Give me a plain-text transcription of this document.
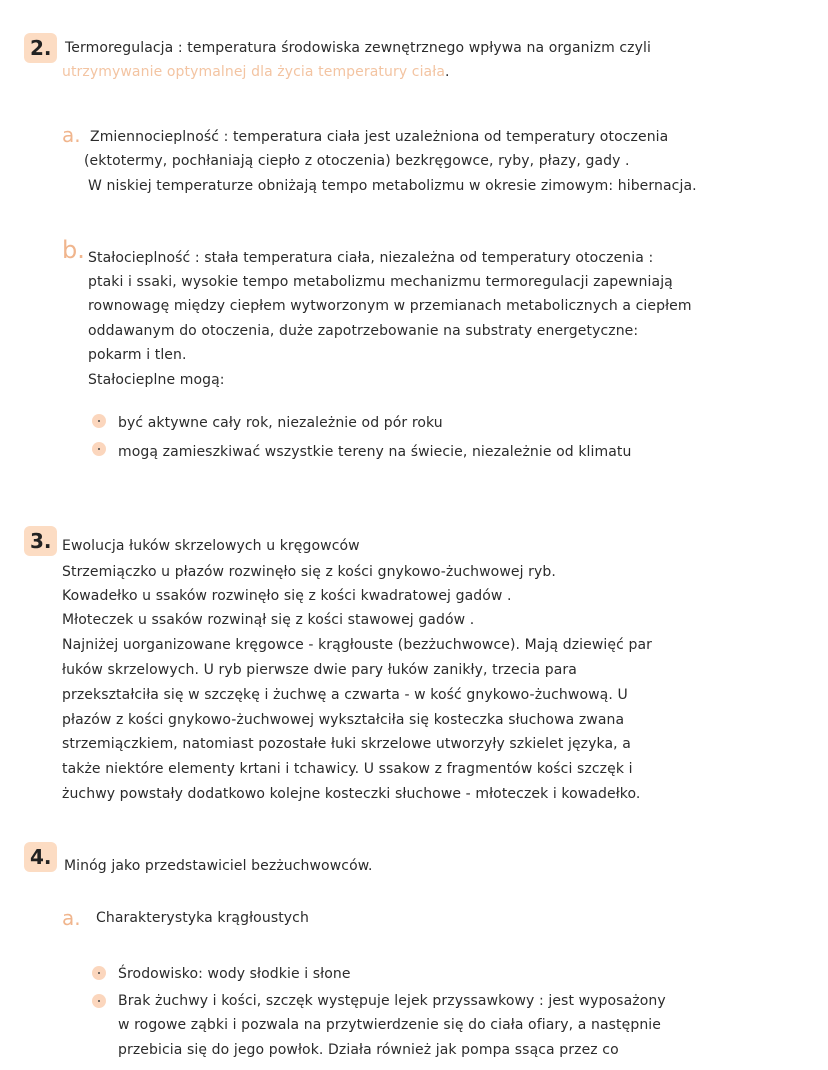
2. Termoregulacja : temperatura środowiska zewnętrznego wpływa na organizm czyli
utrzymywanie optymalnej dla życia temperatury ciała.
a. Zmiennocieplność : temperatura ciała jest uzależniona od temperatury otoczenia
(ektotermy, pochłaniają ciepło z otoczenia) bezkręgowce, ryby, płazy, gady .
W niskiej temperaturze obniżają tempo metabolizmu w okresie zimowym: hibernacja.
b. Stałocieplność : stała temperatura ciała, niezależna od temperatury otoczenia :
ptaki i ssaki, wysokie tempo metabolizmu mechanizmu termoregulacji zapewniają
rownowagę między ciepłem wytworzonym w przemianach metabolicznych a ciepłem
oddawanym do otoczenia, duże zapotrzebowanie na substraty energetyczne:
pokarm i tlen.
Stałocieplne mogą:
być aktywne cały rok, niezależnie od pór roku
mogą zamieszkiwać wszystkie tereny na świecie, niezależnie od klimatu
3. Ewolucja łuków skrzelowych u kręgowców
Strzemiączko u płazów rozwinęło się z kości gnykowo-żuchwowej ryb.
Kowadełko u ssaków rozwinęło się z kości kwadratowej gadów .
Młoteczek u ssaków rozwinął się z kości stawowej gadów .
Najniżej uorganizowane kręgowce - krągłouste (bezżuchwowce). Mają dziewięć par
łuków skrzelowych. U ryb pierwsze dwie pary łuków zanikły, trzecia para
przekształciła się w szczękę i żuchwę a czwarta - w kość gnykowo-żuchwową. U
płazów z kości gnykowo-żuchwowej wykształciła się kosteczka słuchowa zwana
strzemiączkiem, natomiast pozostałe łuki skrzelowe utworzyły szkielet języka, a
także niektóre elementy krtani i tchawicy. U ssakow z fragmentów kości szczęk i
żuchwy powstały dodatkowo kolejne kosteczki słuchowe - młoteczek i kowadełko.
4. Minóg jako przedstawiciel bezżuchwowców.
a. Charakterystyka krągłoustych
Środowisko: wody słodkie i słone
Brak żuchwy i kości, szczęk występuje lejek przyssawkowy : jest wyposażony
w rogowe ząbki i pozwala na przytwierdzenie się do ciała ofiary, a następnie
przebicia się do jego powłok. Działa również jak pompa ssąca przez co
